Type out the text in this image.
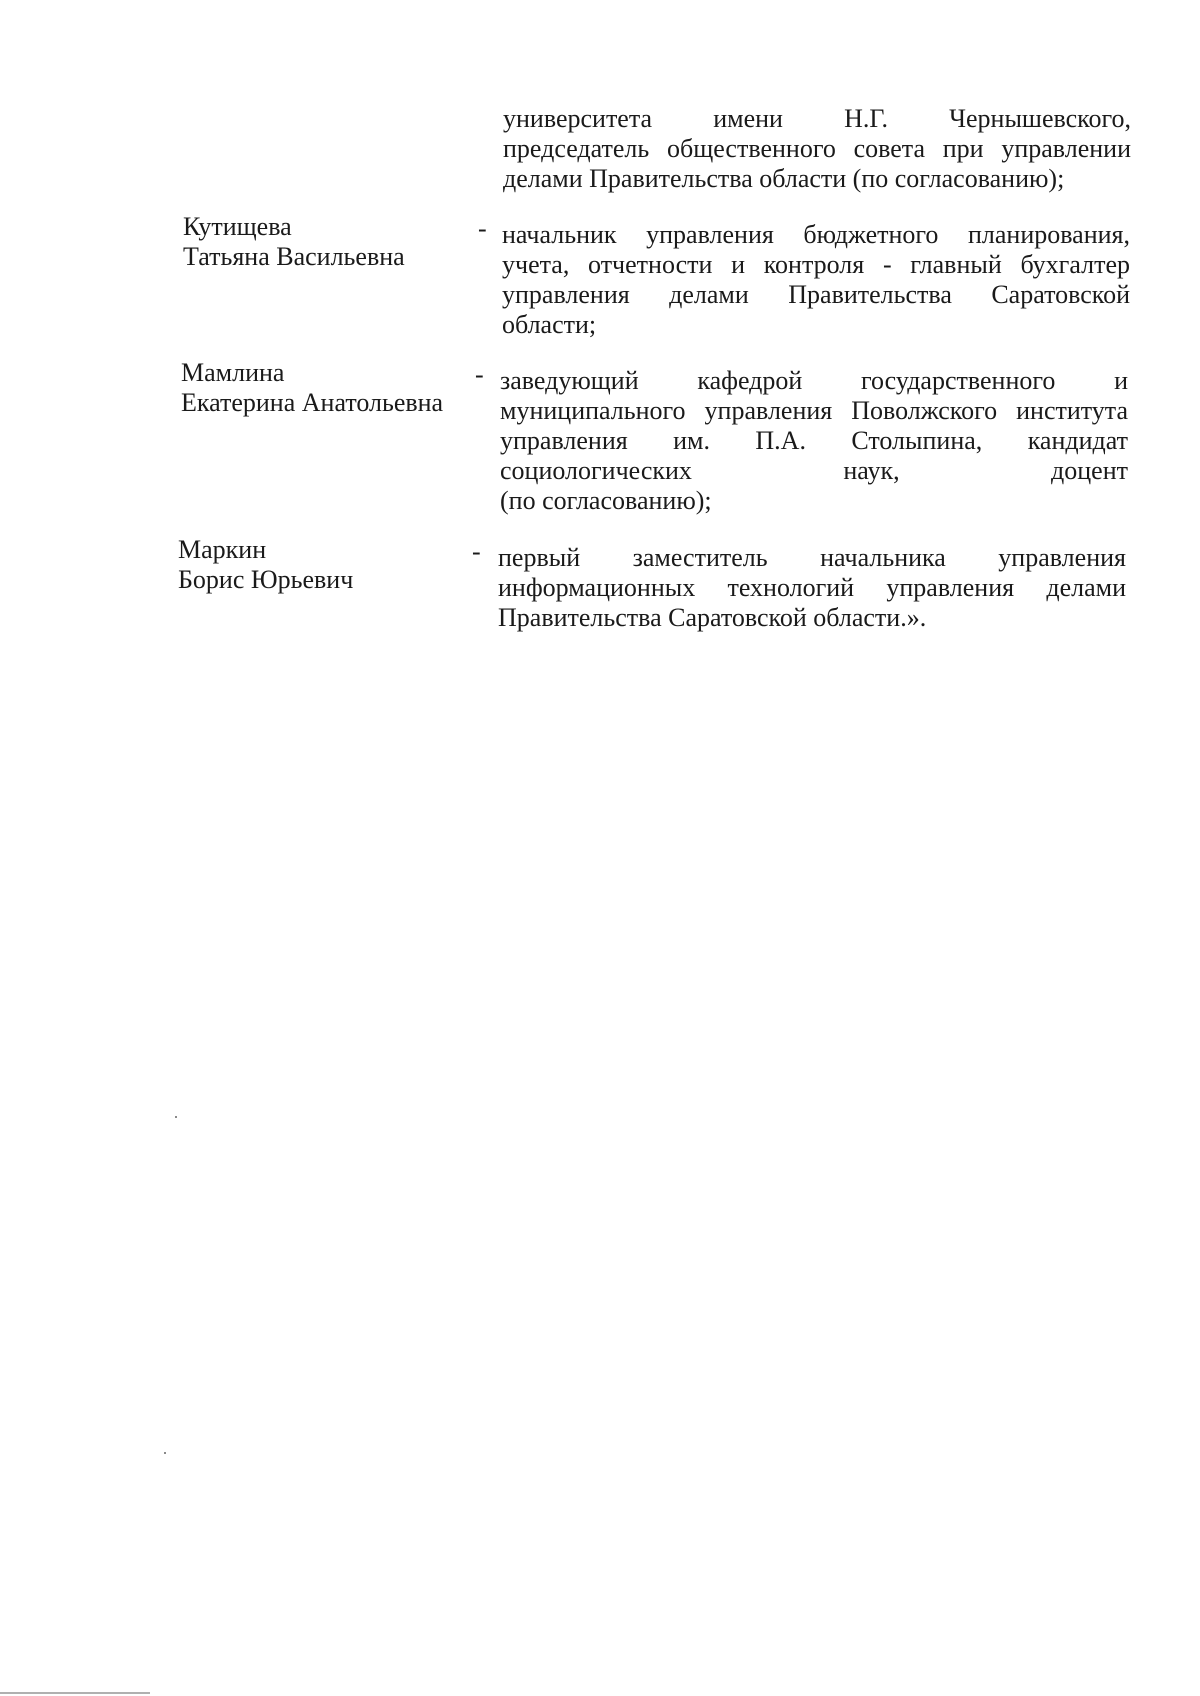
университета имени Н.Г. Чернышевского,
председатель общественного совета при управлении
делами Правительства области (по согласованию);
Кутищева
Татьяна Васильевна
- начальник управления бюджетного планирования,
учета, отчетности и контроля - главный бухгалтер
управления делами Правительства Саратовской
области;
Мамлина
Екатерина Анатольевна
- заведующий кафедрой государственного и
муниципального управления Поволжского института
управления им. П.А. Столыпина, кандидат
социологических наук, доцент
(по согласованию);
Маркин
Борис Юрьевич
- первый заместитель начальника управления
информационных технологий управления делами
Правительства Саратовской области.».
